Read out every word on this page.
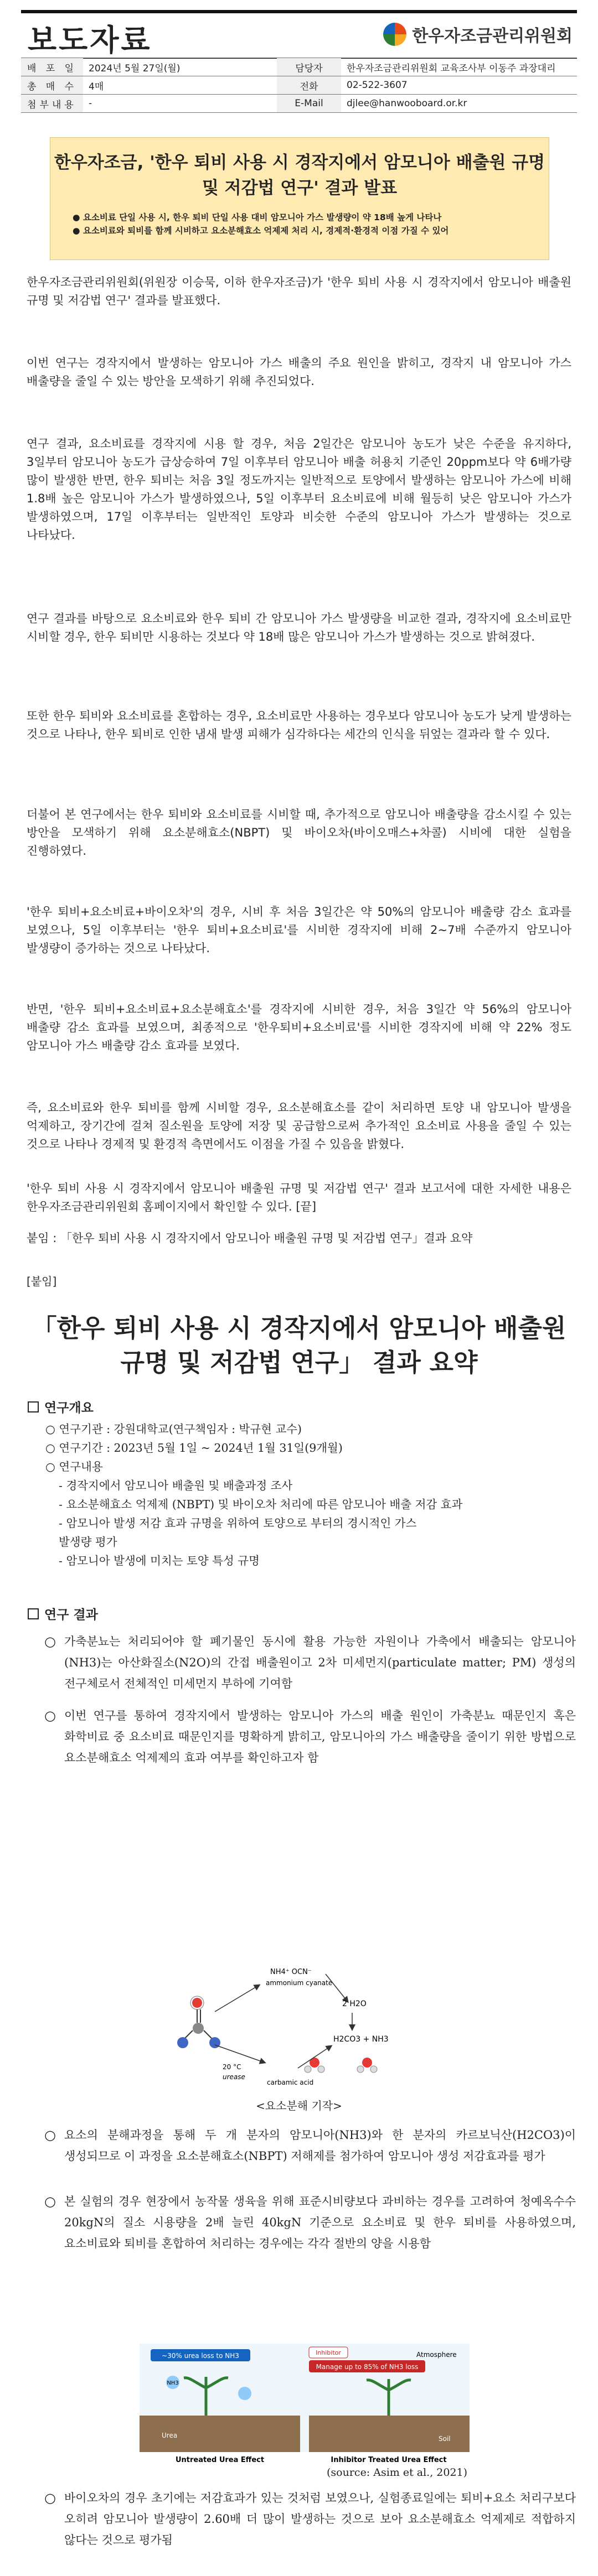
보도자료	한우자조금관리위원회
배 포 일	2024년 5월 27일(월)	담당자	한우자조금관리위원회 교육조사부 이동주 과장대리
총 매 수	4매	전화	02-522-3607
첨부내용	-	E-Mail	djlee@hanwooboard.or.kr
한우자조금, '한우 퇴비 사용 시 경작지에서 암모니아 배출원 규명 및 저감법 연구' 결과 발표
● 요소비료 단일 사용 시, 한우 퇴비 단일 사용 대비 암모니아 가스 발생량이 약 18배 높게 나타나
● 요소비료와 퇴비를 함께 시비하고 요소분해효소 억제제 처리 시, 경제적·환경적 이점 가질 수 있어
한우자조금관리위원회(위원장 이승묵, 이하 한우자조금)가 '한우 퇴비 사용 시 경작지에서 암모니아 배출원 규명 및 저감법 연구' 결과를 발표했다.
이번 연구는 경작지에서 발생하는 암모니아 가스 배출의 주요 원인을 밝히고, 경작지 내 암모니아 가스 배출량을 줄일 수 있는 방안을 모색하기 위해 추진되었다.
연구 결과, 요소비료를 경작지에 시용 할 경우, 처음 2일간은 암모니아 농도가 낮은 수준을 유지하다, 3일부터 암모니아 농도가 급상승하여 7일 이후부터 암모니아 배출 허용치 기준인 20ppm보다 약 6배가량 많이 발생한 반면, 한우 퇴비는 처음 3일 정도까지는 일반적으로 토양에서 발생하는 암모니아 가스에 비해 1.8배 높은 암모니아 가스가 발생하였으나, 5일 이후부터 요소비료에 비해 월등히 낮은 암모니아 가스가 발생하였으며, 17일 이후부터는 일반적인 토양과 비슷한 수준의 암모니아 가스가 발생하는 것으로 나타났다.
연구 결과를 바탕으로 요소비료와 한우 퇴비 간 암모니아 가스 발생량을 비교한 결과, 경작지에 요소비료만 시비할 경우, 한우 퇴비만 시용하는 것보다 약 18배 많은 암모니아 가스가 발생하는 것으로 밝혀졌다.
또한 한우 퇴비와 요소비료를 혼합하는 경우, 요소비료만 사용하는 경우보다 암모니아 농도가 낮게 발생하는 것으로 나타나, 한우 퇴비로 인한 냄새 발생 피해가 심각하다는 세간의 인식을 뒤엎는 결과라 할 수 있다.
더불어 본 연구에서는 한우 퇴비와 요소비료를 시비할 때, 추가적으로 암모니아 배출량을 감소시킬 수 있는 방안을 모색하기 위해 요소분해효소(NBPT) 및 바이오차(바이오매스+차콜) 시비에 대한 실험을 진행하였다.
'한우 퇴비+요소비료+바이오차'의 경우, 시비 후 처음 3일간은 약 50%의 암모니아 배출량 감소 효과를 보였으나, 5일 이후부터는 '한우 퇴비+요소비료'를 시비한 경작지에 비해 2~7배 수준까지 암모니아 발생량이 증가하는 것으로 나타났다.
반면, '한우 퇴비+요소비료+요소분해효소'를 경작지에 시비한 경우, 처음 3일간 약 56%의 암모니아 배출량 감소 효과를 보였으며, 최종적으로 '한우퇴비+요소비료'를 시비한 경작지에 비해 약 22% 정도 암모니아 가스 배출량 감소 효과를 보였다.
즉, 요소비료와 한우 퇴비를 함께 시비할 경우, 요소분해효소를 같이 처리하면 토양 내 암모니아 발생을 억제하고, 장기간에 걸쳐 질소원을 토양에 저장 및 공급함으로써 추가적인 요소비료 사용을 줄일 수 있는 것으로 나타나 경제적 및 환경적 측면에서도 이점을 가질 수 있음을 밝혔다.
'한우 퇴비 사용 시 경작지에서 암모니아 배출원 규명 및 저감법 연구' 결과 보고서에 대한 자세한 내용은 한우자조금관리위원회 홈페이지에서 확인할 수 있다. [끝]
붙임 : 「한우 퇴비 사용 시 경작지에서 암모니아 배출원 규명 및 저감법 연구」결과 요약
[붙임]
「한우 퇴비 사용 시 경작지에서 암모니아 배출원
규명 및 저감법 연구」 결과 요약
연구개요
○ 연구기관 : 강원대학교(연구책임자 : 박규현 교수)
○ 연구기간 : 2023년 5월 1일 ~ 2024년 1월 31일(9개월)
○ 연구내용
- 경작지에서 암모니아 배출원 및 배출과정 조사
- 요소분해효소 억제제 (NBPT) 및 바이오차 처리에 따른 암모니아 배출 저감 효과
- 암모니아 발생 저감 효과 규명을 위하여 토양으로 부터의 경시적인 가스
발생량 평가
- 암모니아 발생에 미치는 토양 특성 규명
연구 결과
○ 가축분뇨는 처리되어야 할 폐기물인 동시에 활용 가능한 자원이나 가축에서 배출되는 암모니아(NH3)는 아산화질소(N2O)의 간접 배출원이고 2차 미세먼지(particulate matter; PM) 생성의 전구체로서 전체적인 미세먼지 부하에 기여함
○ 이번 연구를 통하여 경작지에서 발생하는 암모니아 가스의 배출 원인이 가축분뇨 때문인지 혹은 화학비료 중 요소비료 때문인지를 명확하게 밝히고, 암모니아의 가스 배출량을 줄이기 위한 방법으로 요소분해효소 억제제의 효과 여부를 확인하고자 함
NH4⁺ OCN⁻
ammonium cyanate
2 H2O
H2CO3 + NH3
20 °C
urease
carbamic acid
<요소분해 기작>
○ 요소의 분해과정을 통해 두 개 분자의 암모니아(NH3)와 한 분자의 카르보닉산(H2CO3)이 생성되므로 이 과정을 요소분해효소(NBPT) 저해제를 첨가하여 암모니아 생성 저감효과를 평가
○ 본 실험의 경우 현장에서 농작물 생육을 위해 표준시비량보다 과비하는 경우를 고려하여 청예옥수수 20kgN의 질소 시용량을 2배 늘린 40kgN 기준으로 요소비료 및 한우 퇴비를 사용하였으며, 요소비료와 퇴비를 혼합하여 처리하는 경우에는 각각 절반의 양을 시용함
~30% urea loss to NH3
NH3
Urea
Atmosphere
Manage up to 85% of NH3 loss
Inhibitor
Soil
Untreated Urea Effect	Inhibitor Treated Urea Effect
(source: Asim et al., 2021)
○ 바이오차의 경우 초기에는 저감효과가 있는 것처럼 보였으나, 실험종료일에는 퇴비+요소 처리구보다 오히려 암모니아 발생량이 2.60배 더 많이 발생하는 것으로 보아 요소분해효소 억제제로 적합하지 않다는 것으로 평가됨
